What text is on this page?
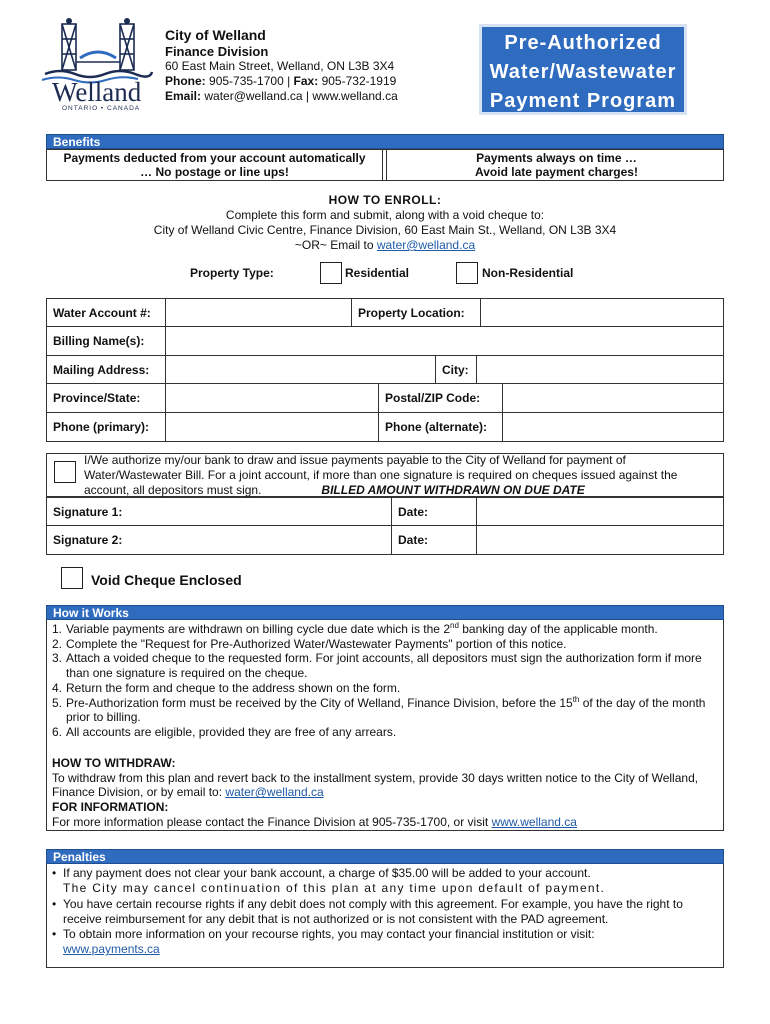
Welland
ONTARIO • CANADA
City of Welland
Finance Division
60 East Main Street, Welland, ON L3B 3X4
Phone: 905-735-1700 | Fax: 905-732-1919
Email: water@welland.ca | www.welland.ca
Pre-Authorized
Water/Wastewater
Payment Program
Benefits
Payments deducted from your account automatically
… No postage or line ups!
Payments always on time …
Avoid late payment charges!
HOW TO ENROLL:
Complete this form and submit, along with a void cheque to:
City of Welland Civic Centre, Finance Division, 60 East Main St., Welland, ON L3B 3X4
~OR~ Email to water@welland.ca
Property Type:	Residential	Non-Residential
Water Account #:	Property Location:
Billing Name(s):
Mailing Address:	City:
Province/State:	Postal/ZIP Code:
Phone (primary):	Phone (alternate):
I/We authorize my/our bank to draw and issue payments payable to the City of Welland for payment of
Water/Wastewater Bill. For a joint account, if more than one signature is required on cheques issued against the
account, all depositors must sign.	BILLED AMOUNT WITHDRAWN ON DUE DATE
Signature 1:	Date:
Signature 2:	Date:
Void Cheque Enclosed
How it Works
1. Variable payments are withdrawn on billing cycle due date which is the 2nd banking day of the applicable month.
2. Complete the "Request for Pre-Authorized Water/Wastewater Payments" portion of this notice.
3. Attach a voided cheque to the requested form. For joint accounts, all depositors must sign the authorization form if more than one signature is required on the cheque.
4. Return the form and cheque to the address shown on the form.
5. Pre-Authorization form must be received by the City of Welland, Finance Division, before the 15th of the day of the month prior to billing.
6. All accounts are eligible, provided they are free of any arrears.
HOW TO WITHDRAW:
To withdraw from this plan and revert back to the installment system, provide 30 days written notice to the City of Welland, Finance Division, or by email to: water@welland.ca
FOR INFORMATION:
For more information please contact the Finance Division at 905-735-1700, or visit www.welland.ca
Penalties
• If any payment does not clear your bank account, a charge of $35.00 will be added to your account.
The City may cancel continuation of this plan at any time upon default of payment.
• You have certain recourse rights if any debit does not comply with this agreement. For example, you have the right to receive reimbursement for any debit that is not authorized or is not consistent with the PAD agreement.
• To obtain more information on your recourse rights, you may contact your financial institution or visit:
www.payments.ca
